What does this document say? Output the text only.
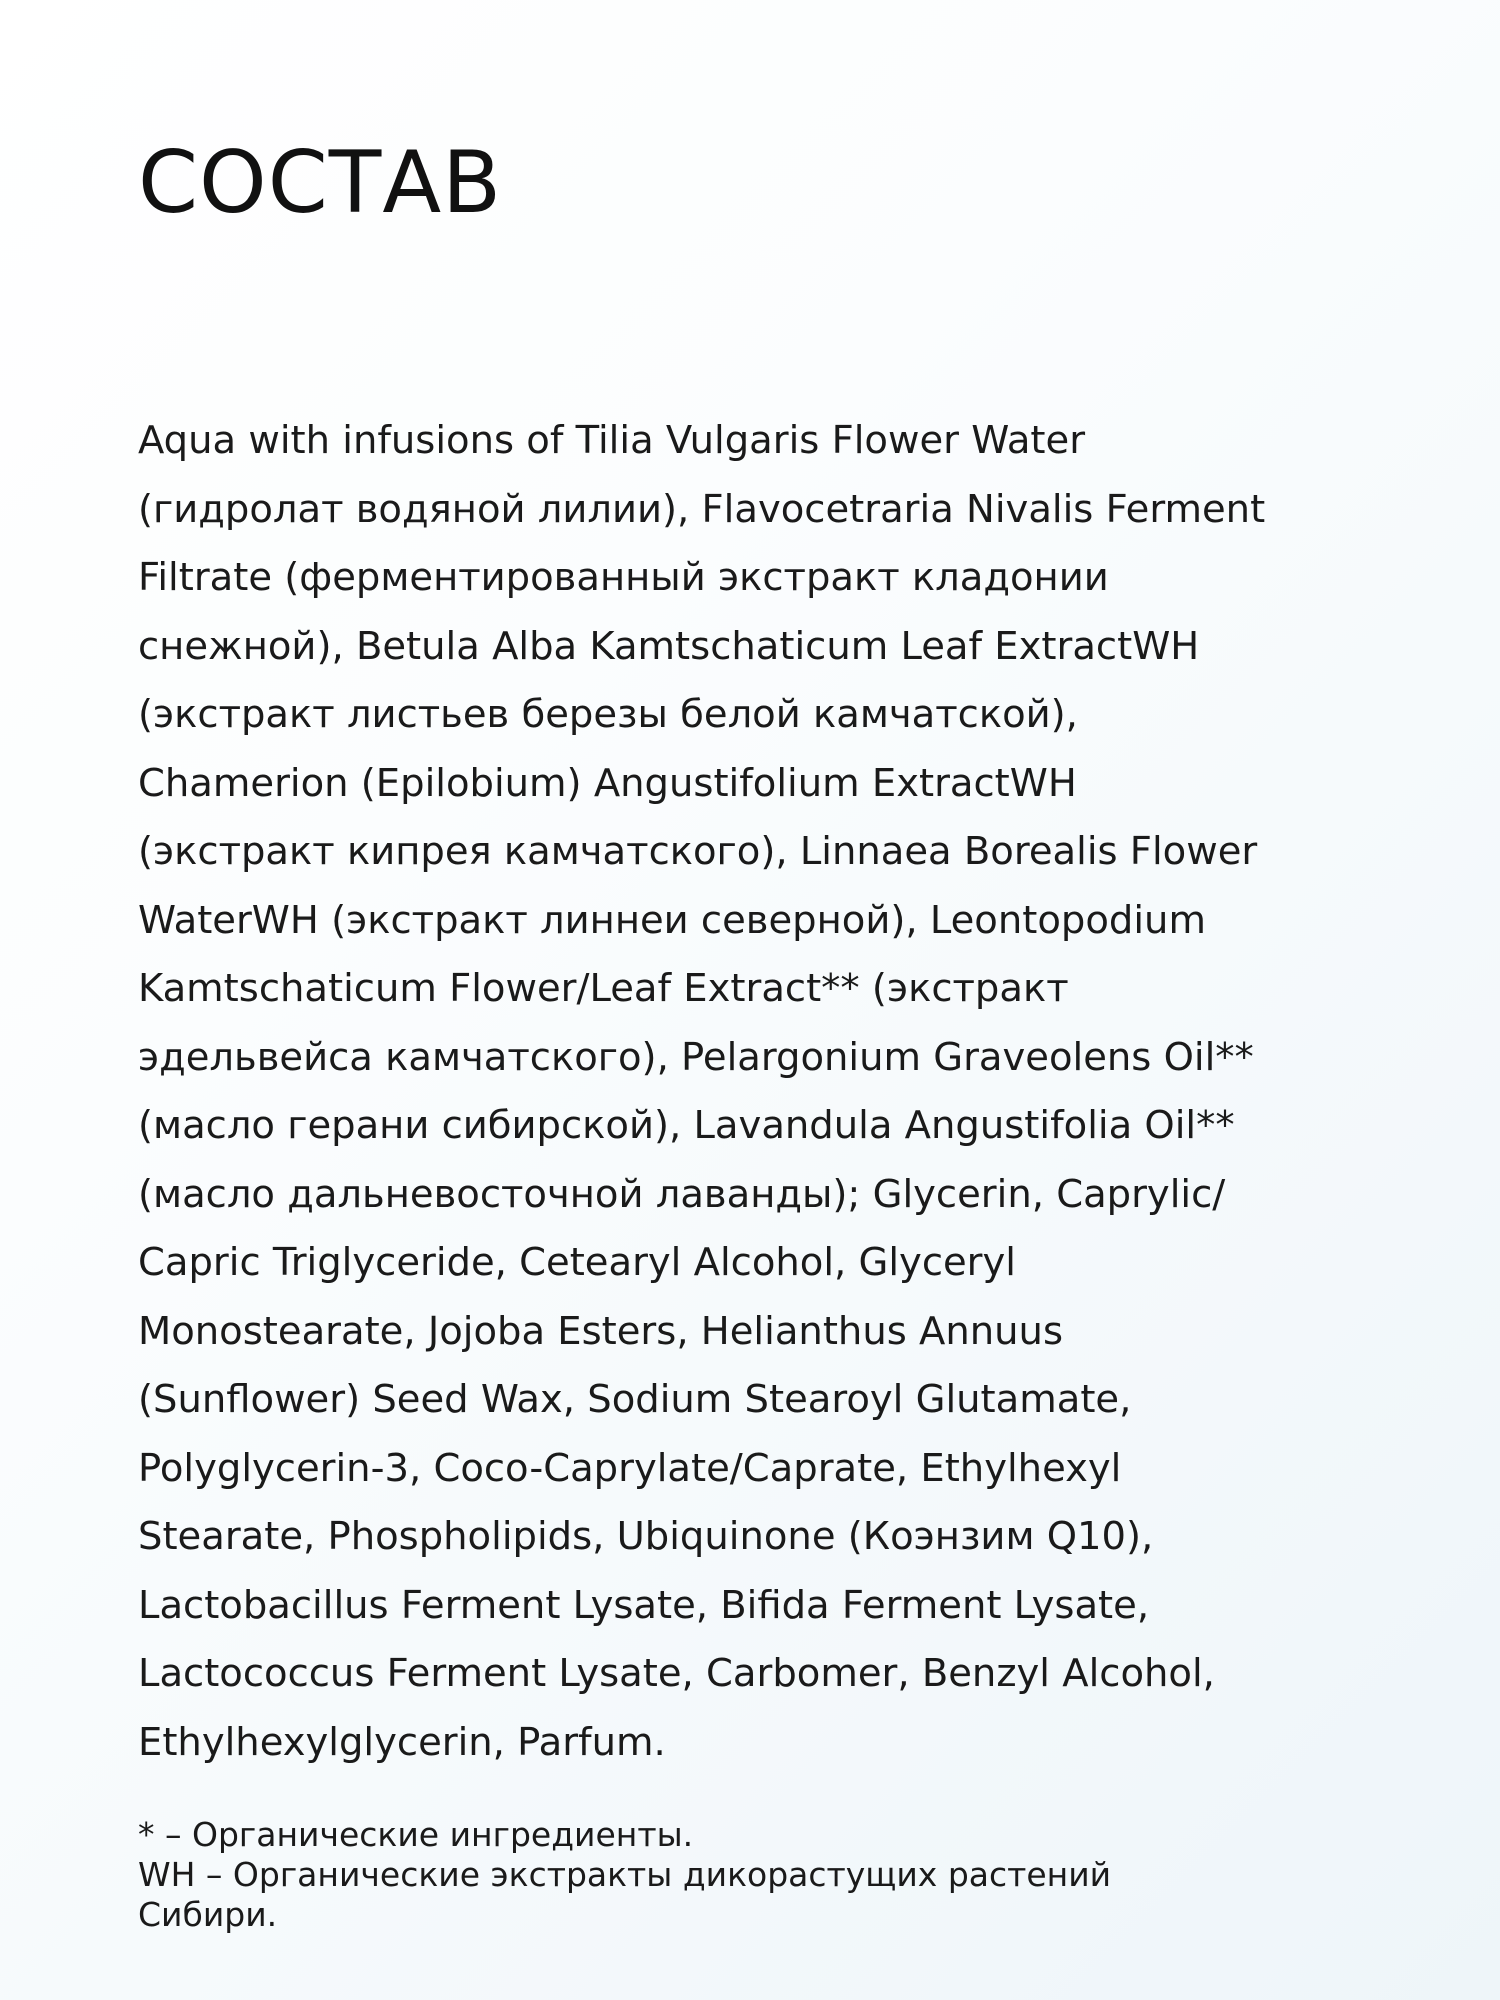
СОСТАВ

Aqua with infusions of Tilia Vulgaris Flower Water
(гидролат водяной лилии), Flavocetraria Nivalis Ferment
Filtrate (ферментированный экстракт кладонии
снежной), Betula Alba Kamtschaticum Leaf ExtractWH
(экстракт листьев березы белой камчатской),
Chamerion (Epilobium) Angustifolium ExtractWH
(экстракт кипрея камчатского), Linnaea Borealis Flower
WaterWH (экстракт линнеи северной), Leontopodium
Kamtschaticum Flower/Leaf Extract** (экстракт
эдельвейса камчатского), Pelargonium Graveolens Oil**
(масло герани сибирской), Lavandula Angustifolia Oil**
(масло дальневосточной лаванды); Glycerin, Caprylic/
Capric Triglyceride, Cetearyl Alcohol, Glyceryl
Monostearate, Jojoba Esters, Helianthus Annuus
(Sunflower) Seed Wax, Sodium Stearoyl Glutamate,
Polyglycerin-3, Coco-Caprylate/Caprate, Ethylhexyl
Stearate, Phospholipids, Ubiquinone (Коэнзим Q10),
Lactobacillus Ferment Lysate, Bifida Ferment Lysate,
Lactococcus Ferment Lysate, Carbomer, Benzyl Alcohol,
Ethylhexylglycerin, Parfum.

* – Органические ингредиенты.
WH – Органические экстракты дикорастущих растений
Сибири.
